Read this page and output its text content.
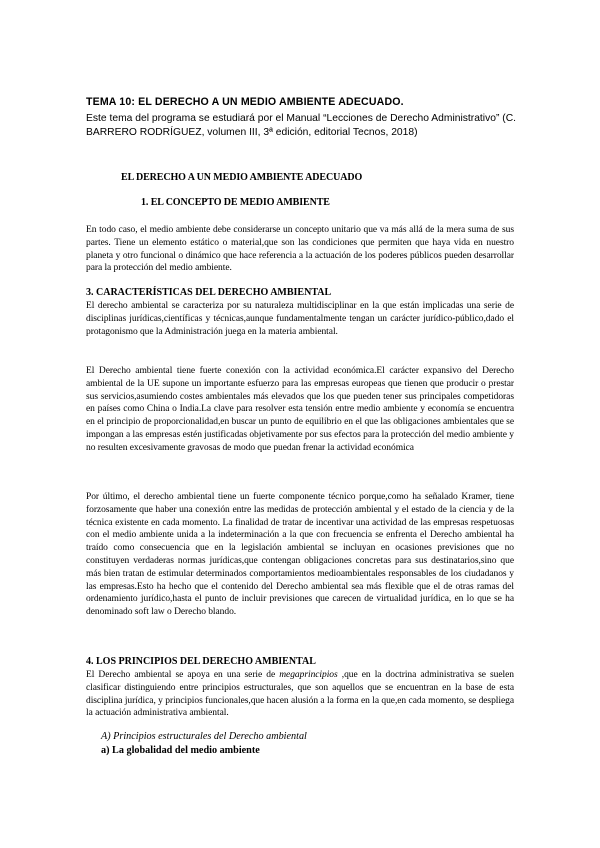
TEMA 10: EL DERECHO A UN MEDIO AMBIENTE ADECUADO.
Este tema del programa se estudiará por el Manual “Lecciones de Derecho Administrativo” (C. BARRERO RODRÍGUEZ, volumen III, 3ª edición, editorial Tecnos, 2018)
EL DERECHO A UN MEDIO AMBIENTE ADECUADO
1. EL CONCEPTO DE MEDIO AMBIENTE
En todo caso, el medio ambiente debe considerarse un concepto unitario que va más allá de la mera suma de sus partes. Tiene un elemento estático o material,que son las condiciones que permiten que haya vida en nuestro planeta y otro funcional o dinámico que hace referencia a la actuación de los poderes públicos pueden desarrollar para la protección del medio ambiente.
3. CARACTERÍSTICAS DEL DERECHO AMBIENTAL
El derecho ambiental se caracteriza por su naturaleza multidisciplinar en la que están implicadas una serie de disciplinas jurídicas,científicas y técnicas,aunque fundamentalmente tengan un carácter jurídico-público,dado el protagonismo que la Administración juega en la materia ambiental.
El Derecho ambiental tiene fuerte conexión con la actividad económica.El carácter expansivo del Derecho ambiental de la UE supone un importante esfuerzo para las empresas europeas que tienen que producir o prestar sus servicios,asumiendo costes ambientales más elevados que los que pueden tener sus principales competidoras en países como China o India.La clave para resolver esta tensión entre medio ambiente y economía se encuentra en el principio de proporcionalidad,en buscar un punto de equilibrio en el que las obligaciones ambientales que se impongan a las empresas estén justificadas objetivamente por sus efectos para la protección del medio ambiente y no resulten excesivamente gravosas de modo que puedan frenar la actividad económica
Por último, el derecho ambiental tiene un fuerte componente técnico porque,como ha señalado Kramer, tiene forzosamente que haber una conexión entre las medidas de protección ambiental y el estado de la ciencia y de la técnica existente en cada momento. La finalidad de tratar de incentivar una actividad de las empresas respetuosas con el medio ambiente unida a la indeterminación a la que con frecuencia se enfrenta el Derecho ambiental ha traído como consecuencia que en la legislación ambiental se incluyan en ocasiones previsiones que no constituyen verdaderas normas jurídicas,que contengan obligaciones concretas para sus destinatarios,sino que más bien tratan de estimular determinados comportamientos medioambientales responsables de los ciudadanos y las empresas.Esto ha hecho que el contenido del Derecho ambiental sea más flexible que el de otras ramas del ordenamiento jurídico,hasta el punto de incluir previsiones que carecen de virtualidad jurídica, en lo que se ha denominado soft law o Derecho blando.
4. LOS PRINCIPIOS DEL DERECHO AMBIENTAL
El Derecho ambiental se apoya en una serie de megaprincipios ,que en la doctrina administrativa se suelen clasificar distinguiendo entre principios estructurales, que son aquellos que se encuentran en la base de esta disciplina jurídica, y principios funcionales,que hacen alusión a la forma en la que,en cada momento, se despliega la actuación administrativa ambiental.
A) Principios estructurales del Derecho ambiental
a) La globalidad del medio ambiente
